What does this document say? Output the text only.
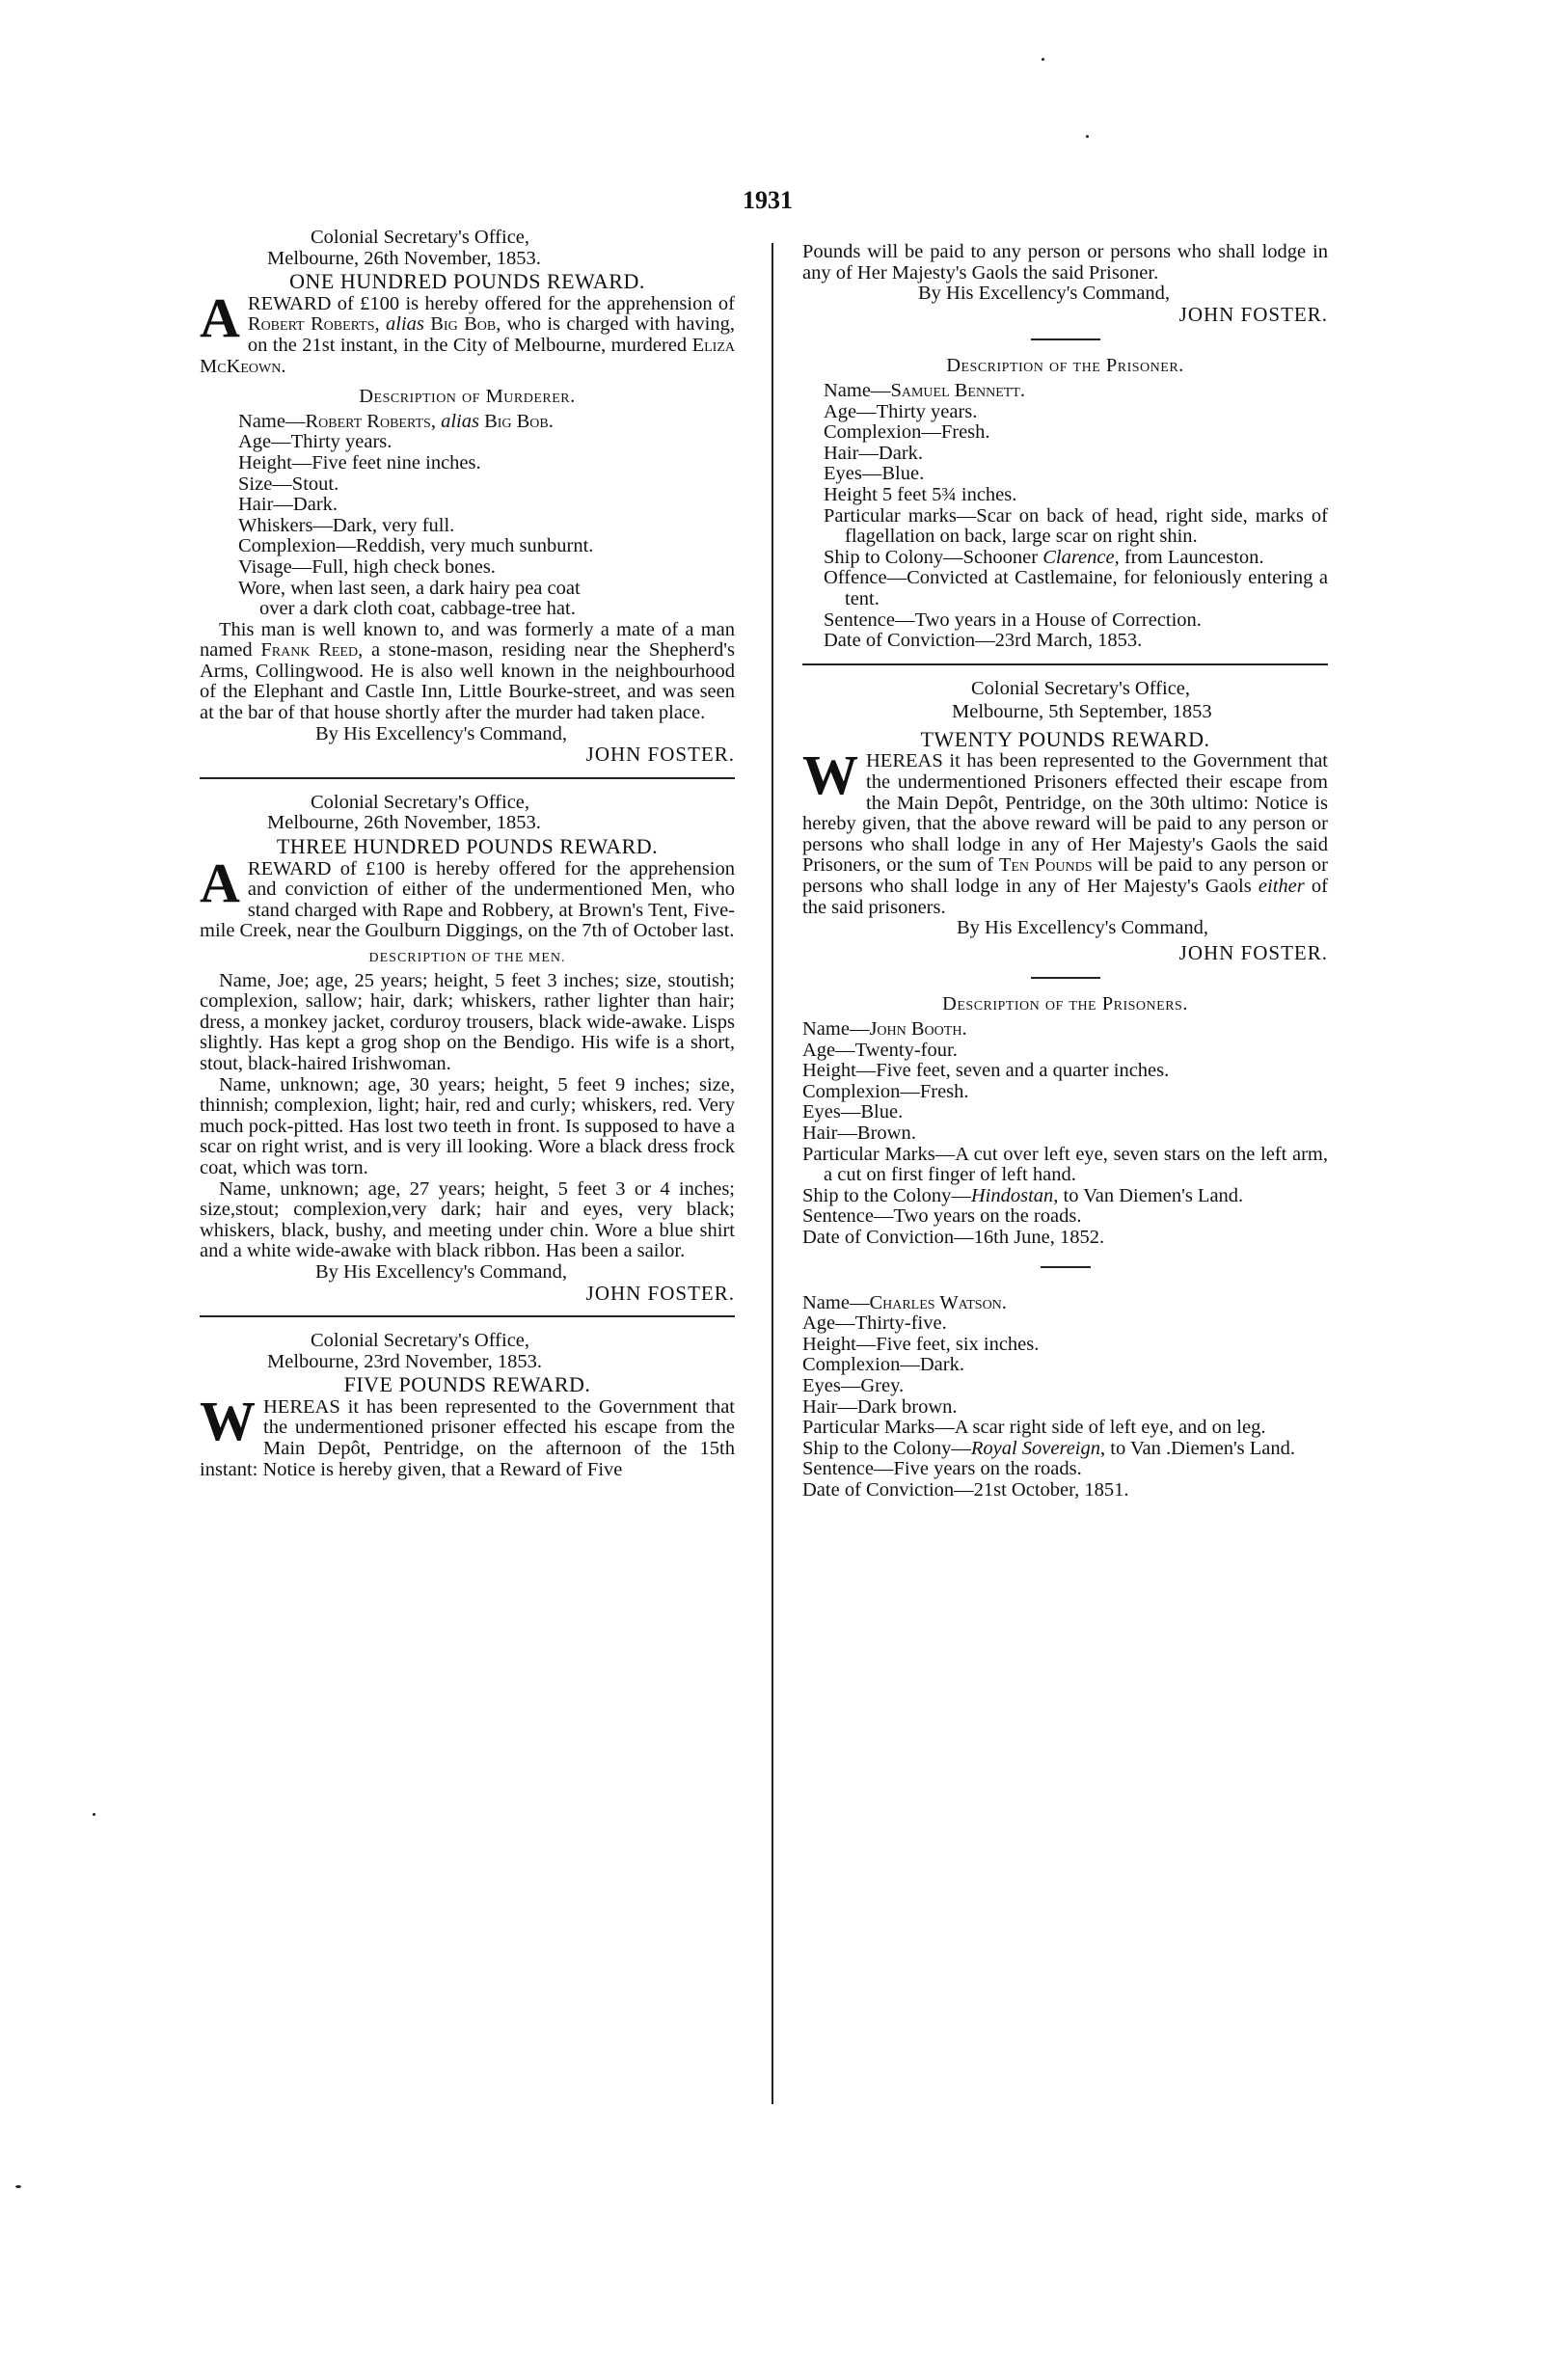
1931
Colonial Secretary's Office,
Melbourne, 26th November, 1853.
ONE HUNDRED POUNDS REWARD.
AREWARD of £100 is hereby offered for the apprehension of Robert Roberts, alias Big Bob, who is charged with having, on the 21st instant, in the City of Melbourne, murdered Eliza McKeown.
Description of Murderer.
Name—Robert Roberts, alias Big Bob.
Age—Thirty years.
Height—Five feet nine inches.
Size—Stout.
Hair—Dark.
Whiskers—Dark, very full.
Complexion—Reddish, very much sunburnt.
Visage—Full, high check bones.
Wore, when last seen, a dark hairy pea coat
over a dark cloth coat, cabbage-tree hat.
This man is well known to, and was formerly a mate of a man named Frank Reed, a stone-mason, residing near the Shepherd's Arms, Collingwood. He is also well known in the neighbourhood of the Elephant and Castle Inn, Little Bourke-street, and was seen at the bar of that house shortly after the murder had taken place.
By His Excellency's Command,
JOHN FOSTER.
Colonial Secretary's Office,
Melbourne, 26th November, 1853.
THREE HUNDRED POUNDS REWARD.
AREWARD of £100 is hereby offered for the apprehension and conviction of either of the undermentioned Men, who stand charged with Rape and Robbery, at Brown's Tent, Five-mile Creek, near the Goulburn Diggings, on the 7th of October last.
DESCRIPTION OF THE MEN.
Name, Joe; age, 25 years; height, 5 feet 3 inches; size, stoutish; complexion, sallow; hair, dark; whiskers, rather lighter than hair; dress, a monkey jacket, corduroy trousers, black wide-awake. Lisps slightly. Has kept a grog shop on the Bendigo. His wife is a short, stout, black-haired Irishwoman.
Name, unknown; age, 30 years; height, 5 feet 9 inches; size, thinnish; complexion, light; hair, red and curly; whiskers, red. Very much pock-pitted. Has lost two teeth in front. Is supposed to have a scar on right wrist, and is very ill looking. Wore a black dress frock coat, which was torn.
Name, unknown; age, 27 years; height, 5 feet 3 or 4 inches; size,stout; complexion,very dark; hair and eyes, very black; whiskers, black, bushy, and meeting under chin. Wore a blue shirt and a white wide-awake with black ribbon. Has been a sailor.
By His Excellency's Command,
JOHN FOSTER.
Colonial Secretary's Office,
Melbourne, 23rd November, 1853.
FIVE POUNDS REWARD.
WHEREAS it has been represented to the Government that the undermentioned prisoner effected his escape from the Main Depôt, Pentridge, on the afternoon of the 15th instant: Notice is hereby given, that a Reward of Five
Pounds will be paid to any person or persons who shall lodge in any of Her Majesty's Gaols the said Prisoner.
By His Excellency's Command,
JOHN FOSTER.
Description of the Prisoner.
Name—Samuel Bennett.
Age—Thirty years.
Complexion—Fresh.
Hair—Dark.
Eyes—Blue.
Height 5 feet 5¾ inches.
Particular marks—Scar on back of head, right side, marks of flagellation on back, large scar on right shin.
Ship to Colony—Schooner Clarence, from Launceston.
Offence—Convicted at Castlemaine, for feloniously entering a tent.
Sentence—Two years in a House of Correction.
Date of Conviction—23rd March, 1853.
Colonial Secretary's Office,
Melbourne, 5th September, 1853
TWENTY POUNDS REWARD.
WHEREAS it has been represented to the Government that the undermentioned Prisoners effected their escape from the Main Depôt, Pentridge, on the 30th ultimo: Notice is hereby given, that the above reward will be paid to any person or persons who shall lodge in any of Her Majesty's Gaols the said Prisoners, or the sum of Ten Pounds will be paid to any person or persons who shall lodge in any of Her Majesty's Gaols either of the said prisoners.
By His Excellency's Command,
JOHN FOSTER.
Description of the Prisoners.
Name—John Booth.
Age—Twenty-four.
Height—Five feet, seven and a quarter inches.
Complexion—Fresh.
Eyes—Blue.
Hair—Brown.
Particular Marks—A cut over left eye, seven stars on the left arm, a cut on first finger of left hand.
Ship to the Colony—Hindostan, to Van Diemen's Land.
Sentence—Two years on the roads.
Date of Conviction—16th June, 1852.
Name—Charles Watson.
Age—Thirty-five.
Height—Five feet, six inches.
Complexion—Dark.
Eyes—Grey.
Hair—Dark brown.
Particular Marks—A scar right side of left eye, and on leg.
Ship to the Colony—Royal Sovereign, to Van .Diemen's Land.
Sentence—Five years on the roads.
Date of Conviction—21st October, 1851.
